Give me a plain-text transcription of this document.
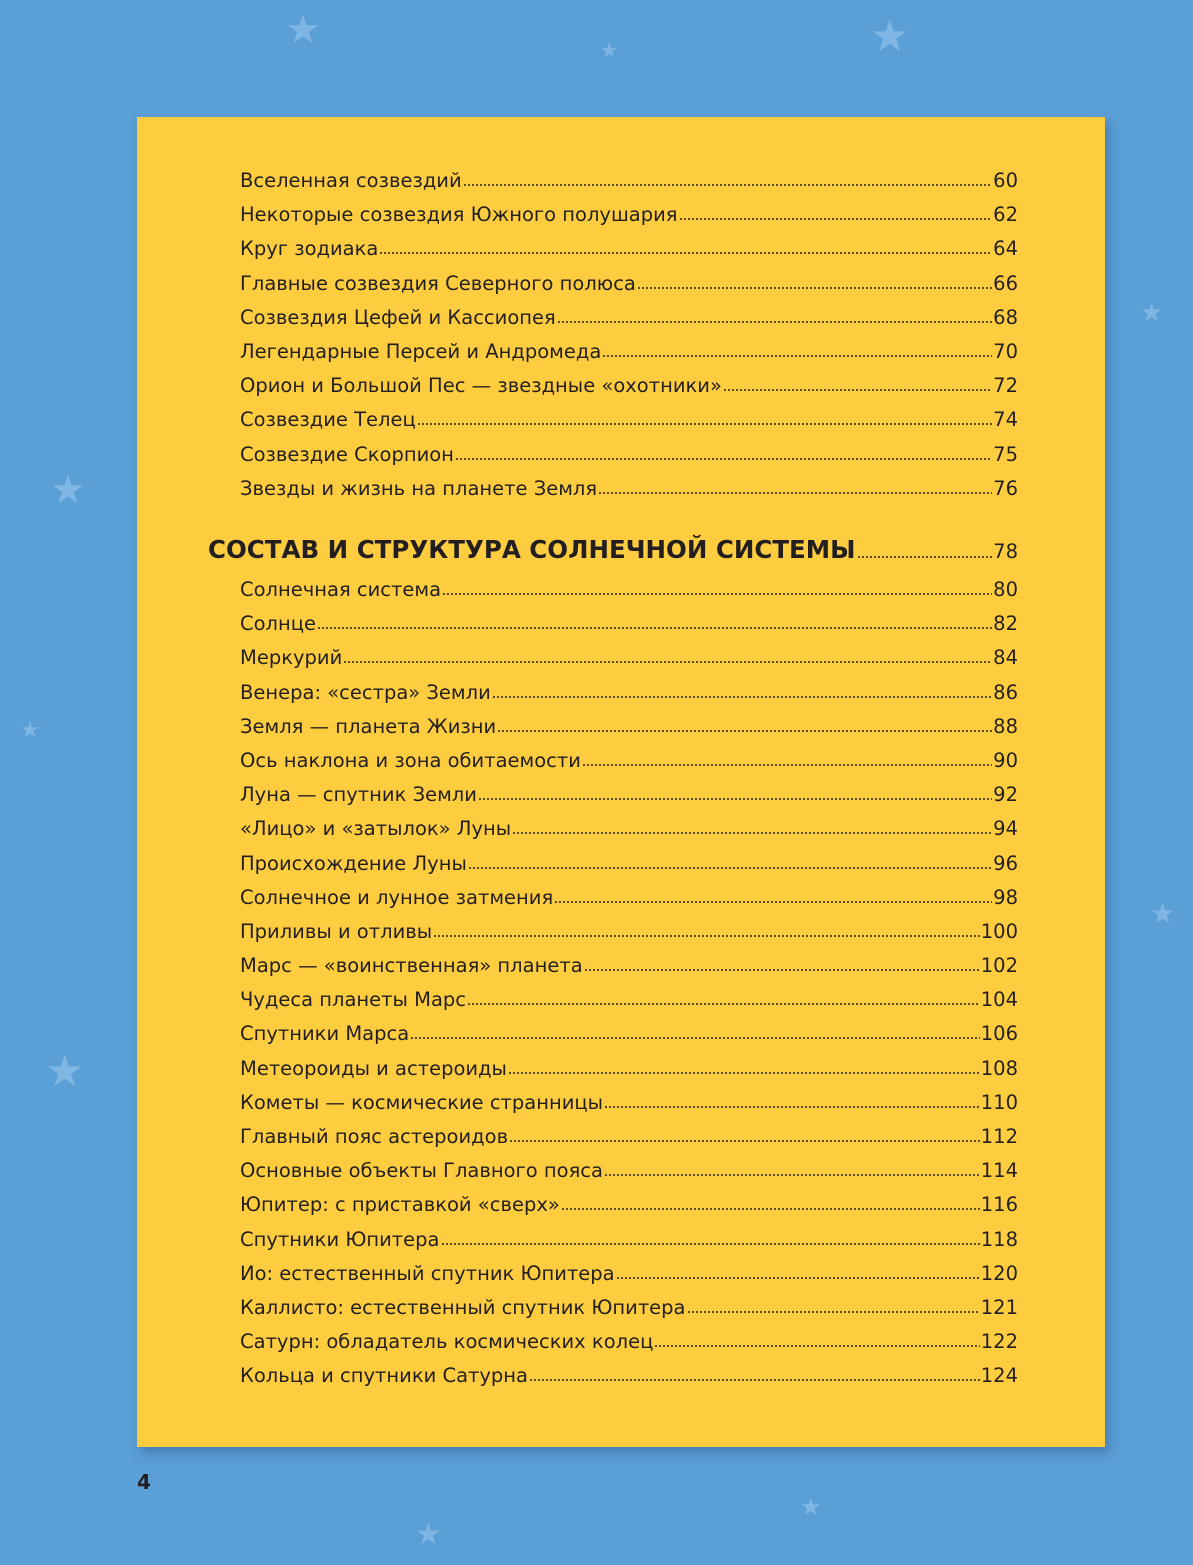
★	★
★
★
★
★
★
★
★
★
Вселенная созвездий	60
Некоторые созвездия Южного полушария	62
Круг зодиака	64
Главные созвездия Северного полюса	66
Созвездия Цефей и Кассиопея	68
Легендарные Персей и Андромеда	70
Орион и Большой Пес — звездные «охотники»	72
Созвездие Телец	74
Созвездие Скорпион	75
Звезды и жизнь на планете Земля	76
СОСТАВ И СТРУКТУРА СОЛНЕЧНОЙ СИСТЕМЫ	78
Солнечная система	80
Солнце	82
Меркурий	84
Венера: «сестра» Земли	86
Земля — планета Жизни	88
Ось наклона и зона обитаемости	90
Луна — спутник Земли	92
«Лицо» и «затылок» Луны	94
Происхождение Луны	96
Солнечное и лунное затмения	98
Приливы и отливы	100
Марс — «воинственная» планета	102
Чудеса планеты Марс	104
Спутники Марса	106
Метеороиды и астероиды	108
Кометы — космические странницы	110
Главный пояс астероидов	112
Основные объекты Главного пояса	114
Юпитер: с приставкой «сверх»	116
Спутники Юпитера	118
Ио: естественный спутник Юпитера	120
Каллисто: естественный спутник Юпитера	121
Сатурн: обладатель космических колец	122
Кольца и спутники Сатурна	124
4
